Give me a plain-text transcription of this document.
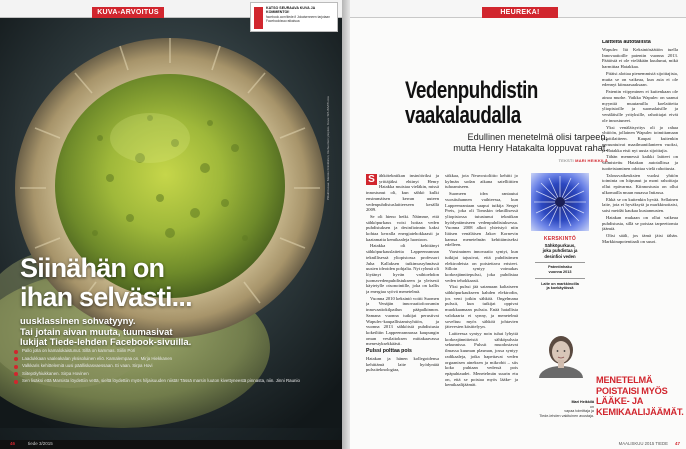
KUVA-ARVOITUS
KATSO SEURAAVA KUVA JA KOMMENTOI!
facebook.com/tiede.fi Jokaisenneen tarjotaan Facebookissa ratkaisua
Siinähän on
ihan selvästi...
uusklassinen sohvatyyny.
Tai jotain aivan muuta, tuumasivat
lukijat Tiede-lehden Facebook-sivuilla.
Pallo jolla on kamalokaistunut. Sillä on kammas. Siilin Pori
Laadukkaan vaaleakalan yksisoluinen eliö. Kamalempaa on. Mirja Hiekkanen
Valkkaris kehittelemiä uusi päälliskasvaessaan. Ei vaan. Sirpa Hovi
Siitepölyhiukkanen. Sirpa Hovinen
Sen lisäksi että Marsista löydettiin vettä, sieltä löydettiin myös hiljaisuuden niistä! Tässä marsin luuton kivettyneestä pinnasta, niin. Jinni Raunio
Pilkulli kuvaa: Marsko Fränkkinen, Itä-Suomen yliopisto. Kuva: SPL/MVPhotos
46	tiede 3/2015
HEUREKA!
Vedenpuhdistin
vaakalaudalla
Edullinen menetelmä olisi tarpeen,
mutta Henry Hatakalta loppuvat rahat.
TEKSTI MARI HEIKKILÄ
S ähkötekniikan insinööriksi ja yrittäjäksi ehtinyt Henry Hatakka muistaa vieläkin, missä innostunut oli, kun sähkö kulki ensimmäisen kerran uuteen vedenpuhdistuslaitteeseen kesällä 2009.

Se oli hieno hetki. Näimme, että sähköpurkaus voisi hoitaa veden puhdistuksen ja desinfioinnin kaksi kohtaa kerralla energiatehokkaasti ja kaatamatta kemikaaleja luontoon.

Hatakka oli kehittänyt sähköpurkauslaitetta Lappeenrannan teknillisessä yliopistossa professori Juha Kallaksen tutkimusryhmässä uusien ideoiden pohjalta. Nyt ryhmä oli löytänyt hyvän vaihtoehdon juomavedenpuhdistukseen ja yleisesti käytetylle otsonointille, joka on kallis ja energiaa syövä menetelmä.

Vuonna 2010 keksintö voitti Suomen ja Venäjän innovaatiofoorumin innovaatiokilpailun pääpalkinnon. Samana vuonna tutkijat perustivat Wapulec-kaupallistamisyhtiön, ja vuonna 2013 sähköistä puhdistusta kokeiltiin Lappeenrannassa kaupungin oman vesilaitoksen mittakaavassa menestyksekkäästi.

Pulssi polttaa pois

Hatakan ja hänen kollegoidensa kehittämä laite hyödyntää pulssiteknologiaa,

sitkkaa, jota Neuvostoliitto kehitti jo kylmän sodan aikana satelliittien tuhoamiseen.

Suomeen idea rantautui vuosituhannen vaihteessa, kun Lappeenrantaan saapui tutkija Sergei Preis, joka oli Tomskin teknillisessä yliopistossa tutustunut tekniikan hyödyntämiseen vedenpuhdistuksessa. Vuonna 2008 alkoi yhteistyö niin Itäisen venäläisen Jakov Kornevin kanssa menetelmän kehittämiseksi edelleen.

Varsinainen innovaatio syntyi, kun tutkijat tajusivat, että puhdistimen elektrodeista on poistettava eristeet. Silloin syntyy voimakas korkeajännitepulssi, joka puhdistaa veden tehokkaasti.

Yksi pulssi jää satamaan kaltaiseen sähköpurkaukseen kahden elektrodin, jos veni jotkin sähköä. Ongelmana pulssit, kun tutkijat oppivat muokkaamaan pulssia. Enää hatallista valokaarta ei synny, ja menetelmä soveltuu myös sähköä johtavien jätevesien käsittelyyn.

Laitteessa syntyy noin tuhat lyhyttä korkeajännitteistä sähköpulssia sekunnissa. Pulssit muodostavat ilmassa kuuman plasman, jossa syntyy radikaaleja, jotka hapettavat veden orgaanisen aineksen ja mikrobit – siis koko puhtaan vedessä pois epäpuhtaudet. Menetelmän suurin etu on, että se poistaa myös lääke- ja kemikaalijäämät.

KERSKINTÖ
Sähköpurkaus,
joka puhdistaa ja
desinfioi veden
Patentinhaku
vuonna 2013
Laite on markkinoilla
ja koekäytössä
Laitteita autotallista

Wapulec Itä Keksintösäätiön tuella Innovaatioille patentin vuonna 2013. Päätöstä ei ole vieläkään kuulunut, mikä harmittaa Hatakkaa.

Pitäisi alottaa pienemmistä sijoittajista, mutta se on vaikeaa, kun asia ei ole edennyt kiimaasaaksaan.

Patentin viipyminen ei kuitenkaan ole ainoa murhe. Vaikka Wapulec on saanut myyntiä muutamilla koelaitteita yliopistoille ja suomalaisille ja venäläisille yrityksille, rahoittajat eivät ole innostuneet.

Yksi venäläisyritys oli jo rahaa yhtiöön, jollainen Wapulec toimittamaan pilottilaitteen. Kaupat kuitenkin peruuntuivat maailmantilanteen vuoksi, ja Hatakka etsii nyt uusia sijoittajia.

Tähän mennessä kaikki laitteet on valmistettu Hatakan autotallissa ja tuotteistaminen odottaa vielä rahoitusta.

Talousvaikeuksien vuoksi yhtiön toiminta on hiipunut ja moni rahoittaja ollut epävarma. Kiinnostusta on ollut ulkomailla muun muassa Intiassa.

Ehkä se on kuitenkin hyvää. Sellainen laite, jota ei hyväksytä ja markkinoitaisi, saisi meidät kaukaa kustannusten.

Hatakan mukaan on ollut vaikeaa puhdistusta, sillä se poistaa tarpeettomia jäämiä.

Olisi sääli, jos tämä jäisi tähän. Markkinapotentiaali on suuri.

MENETELMÄ POISTAISI MYÖS LÄÄKE- JA KEMIKAALIJÄÄMÄT.
Mari Heikkilä
on
vapaa toimittaja ja
Tiede-lehden vakituinen avustaja.
MAALISKUU 2015 TIEDE 47
